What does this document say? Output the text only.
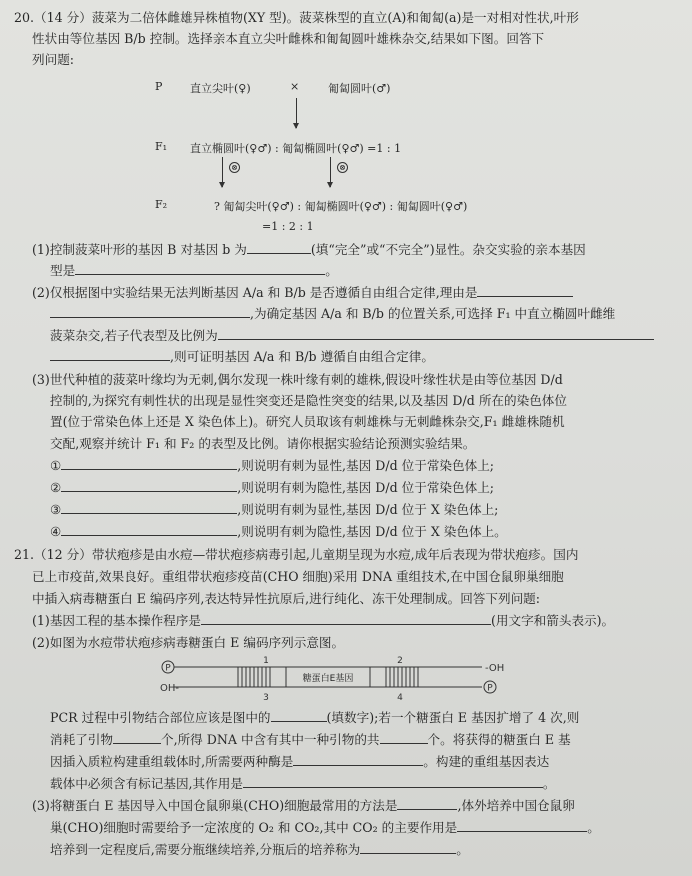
20.（14 分）菠菜为二倍体雌雄异株植物(XY 型)。菠菜株型的直立(A)和匍匐(a)是一对相对性状,叶形
性状由等位基因 B/b 控制。选择亲本直立尖叶雌株和匍匐圆叶雄株杂交,结果如下图。回答下
列问题:
P	直立尖叶(♀)	×	匍匐圆叶(♂)
F₁ 直立椭圆叶(♀♂) : 匍匐椭圆叶(♀♂) =1 : 1
⊗	⊗
F₂	? 匍匐尖叶(♀♂) : 匍匐椭圆叶(♀♂) : 匍匐圆叶(♀♂)
=1 : 2 : 1
(1)控制菠菜叶形的基因 B 对基因 b 为	(填“完全”或“不完全”)显性。杂交实验的亲本基因
型是	。
(2)仅根据图中实验结果无法判断基因 A/a 和 B/b 是否遵循自由组合定律,理由是
,为确定基因 A/a 和 B/b 的位置关系,可选择 F₁ 中直立椭圆叶雌维
菠菜杂交,若子代表型及比例为
,则可证明基因 A/a 和 B/b 遵循自由组合定律。
(3)世代种植的菠菜叶缘均为无刺,偶尔发现一株叶缘有刺的雄株,假设叶缘性状是由等位基因 D/d
控制的,为探究有刺性状的出现是显性突变还是隐性突变的结果,以及基因 D/d 所在的染色体位
置(位于常染色体上还是 X 染色体上)。研究人员取该有刺雄株与无刺雌株杂交,F₁ 雌雄株随机
交配,观察并统计 F₁ 和 F₂ 的表型及比例。请你根据实验结论预测实验结果。
①	,则说明有刺为显性,基因 D/d 位于常染色体上;
②	,则说明有刺为隐性,基因 D/d 位于常染色体上;
③	,则说明有刺为显性,基因 D/d 位于 X 染色体上;
④	,则说明有刺为隐性,基因 D/d 位于 X 染色体上。
21.（12 分）带状疱疹是由水痘—带状疱疹病毒引起,儿童期呈现为水痘,成年后表现为带状疱疹。国内
已上市疫苗,效果良好。重组带状疱疹疫苗(CHO 细胞)采用 DNA 重组技术,在中国仓鼠卵巢细胞
中插入病毒糖蛋白 E 编码序列,表达特异性抗原后,进行纯化、冻干处理制成。回答下列问题:
(1)基因工程的基本操作程序是	(用文字和箭头表示)。
(2)如图为水痘带状疱疹病毒糖蛋白 E 编码序列示意图。
P	-OH
OH-	P
糖蛋白E基因
1	2
3	4
PCR 过程中引物结合部位应该是图中的	(填数字);若一个糖蛋白 E 基因扩增了 4 次,则
消耗了引物	个,所得 DNA 中含有其中一种引物的共	个。将获得的糖蛋白 E 基
因插入质粒构建重组载体时,所需要两种酶是	。构建的重组基因表达
载体中必须含有标记基因,其作用是	。
(3)将糖蛋白 E 基因导入中国仓鼠卵巢(CHO)细胞最常用的方法是	,体外培养中国仓鼠卵
巢(CHO)细胞时需要给予一定浓度的 O₂ 和 CO₂,其中 CO₂ 的主要作用是	。
培养到一定程度后,需要分瓶继续培养,分瓶后的培养称为	。
